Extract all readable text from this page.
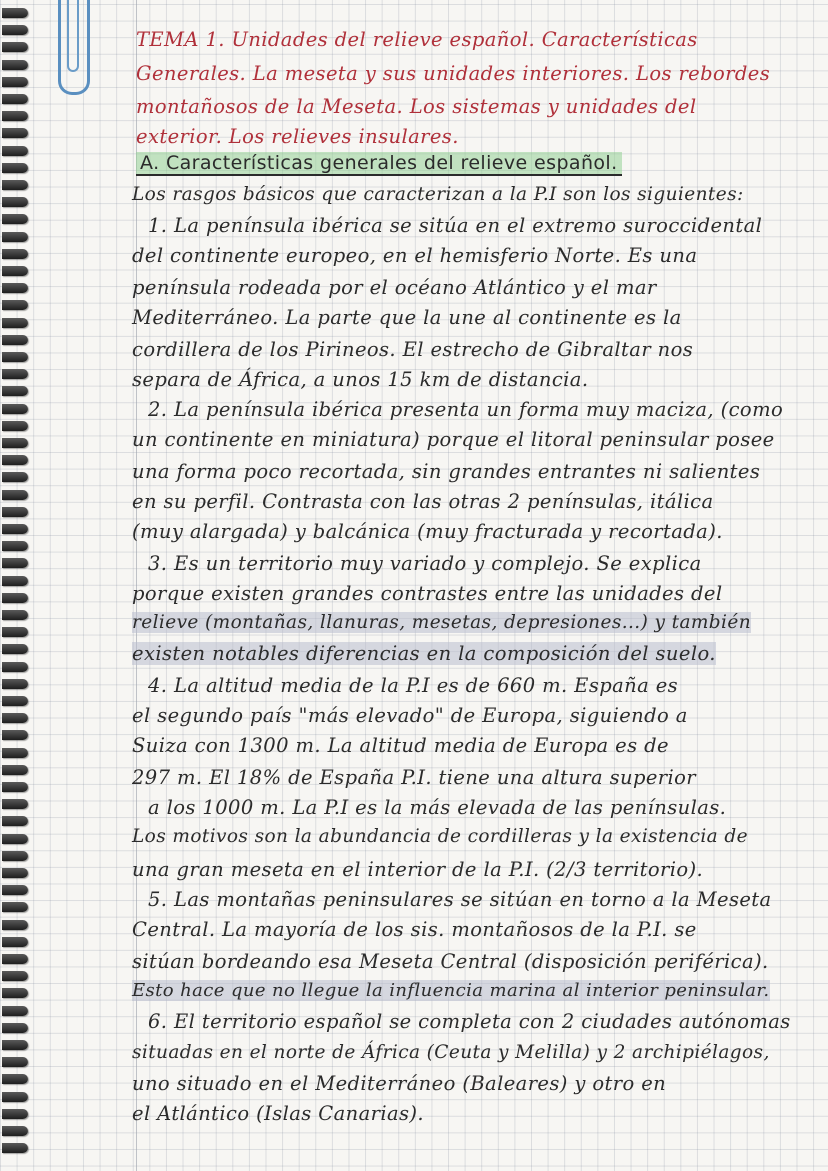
TEMA 1. Unidades del relieve español. Características
Generales. La meseta y sus unidades interiores. Los rebordes
montañosos de la Meseta. Los sistemas y unidades del
exterior. Los relieves insulares.
A. Características generales del relieve español.
Los rasgos básicos que caracterizan a la P.I son los siguientes:
1. La península ibérica se sitúa en el extremo suroccidental
del continente europeo, en el hemisferio Norte. Es una
península rodeada por el océano Atlántico y el mar
Mediterráneo. La parte que la une al continente es la
cordillera de los Pirineos. El estrecho de Gibraltar nos
separa de África, a unos 15 km de distancia.
2. La península ibérica presenta un forma muy maciza, (como
un continente en miniatura) porque el litoral peninsular posee
una forma poco recortada, sin grandes entrantes ni salientes
en su perfil. Contrasta con las otras 2 penínsulas, itálica
(muy alargada) y balcánica (muy fracturada y recortada).
3. Es un territorio muy variado y complejo. Se explica
porque existen grandes contrastes entre las unidades del
relieve (montañas, llanuras, mesetas, depresiones...) y también
existen notables diferencias en la composición del suelo.
4. La altitud media de la P.I es de 660 m. España es
el segundo país "más elevado" de Europa, siguiendo a
Suiza con 1300 m. La altitud media de Europa es de
297 m. El 18% de España P.I. tiene una altura superior
a los 1000 m. La P.I es la más elevada de las penínsulas.
Los motivos son la abundancia de cordilleras y la existencia de
una gran meseta en el interior de la P.I. (2/3 territorio).
5. Las montañas peninsulares se sitúan en torno a la Meseta
Central. La mayoría de los sis. montañosos de la P.I. se
sitúan bordeando esa Meseta Central (disposición periférica).
Esto hace que no llegue la influencia marina al interior peninsular.
6. El territorio español se completa con 2 ciudades autónomas
situadas en el norte de África (Ceuta y Melilla) y 2 archipiélagos,
uno situado en el Mediterráneo (Baleares) y otro en
el Atlántico (Islas Canarias).
